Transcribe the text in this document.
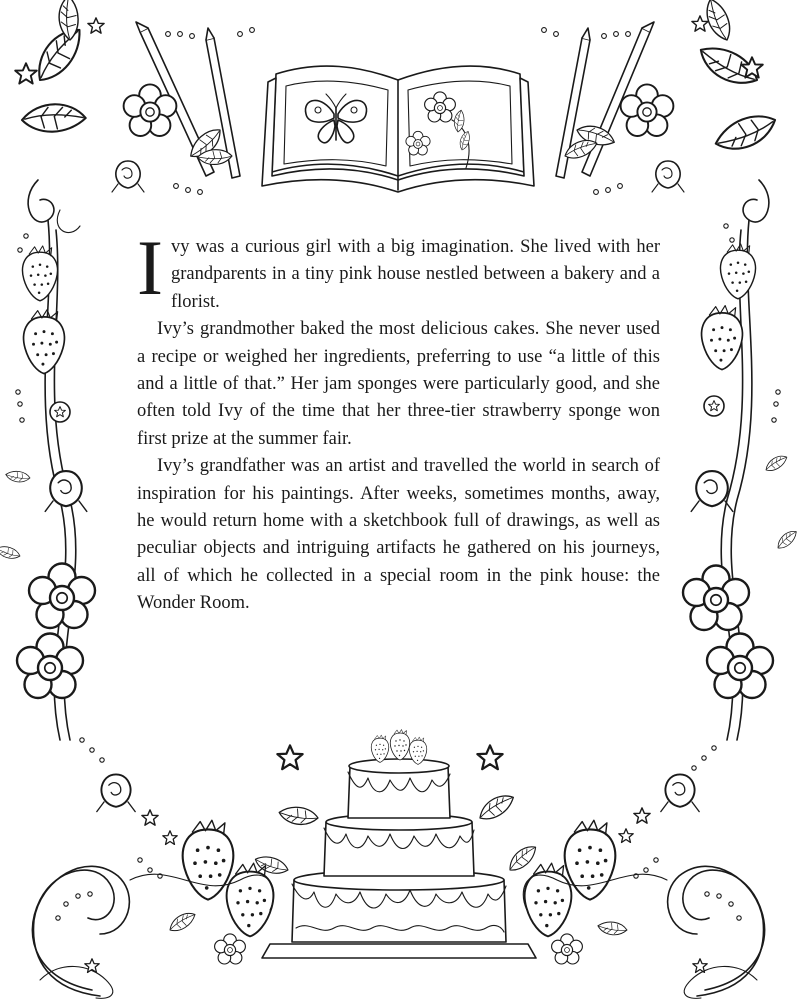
Ivy was a curious girl with a big imagination. She lived with her grandparents in a tiny pink house nestled between a bakery and a florist.

Ivy’s grandmother baked the most delicious cakes. She never used a recipe or weighed her ingredients, preferring to use “a little of this and a little of that.” Her jam sponges were particularly good, and she often told Ivy of the time that her three-tier strawberry sponge won first prize at the summer fair.

Ivy’s grandfather was an artist and travelled the world in search of inspiration for his paintings. After weeks, sometimes months, away, he would return home with a sketchbook full of drawings, as well as peculiar objects and intriguing artifacts he gathered on his journeys, all of which he collected in a special room in the pink house: the Wonder Room.
